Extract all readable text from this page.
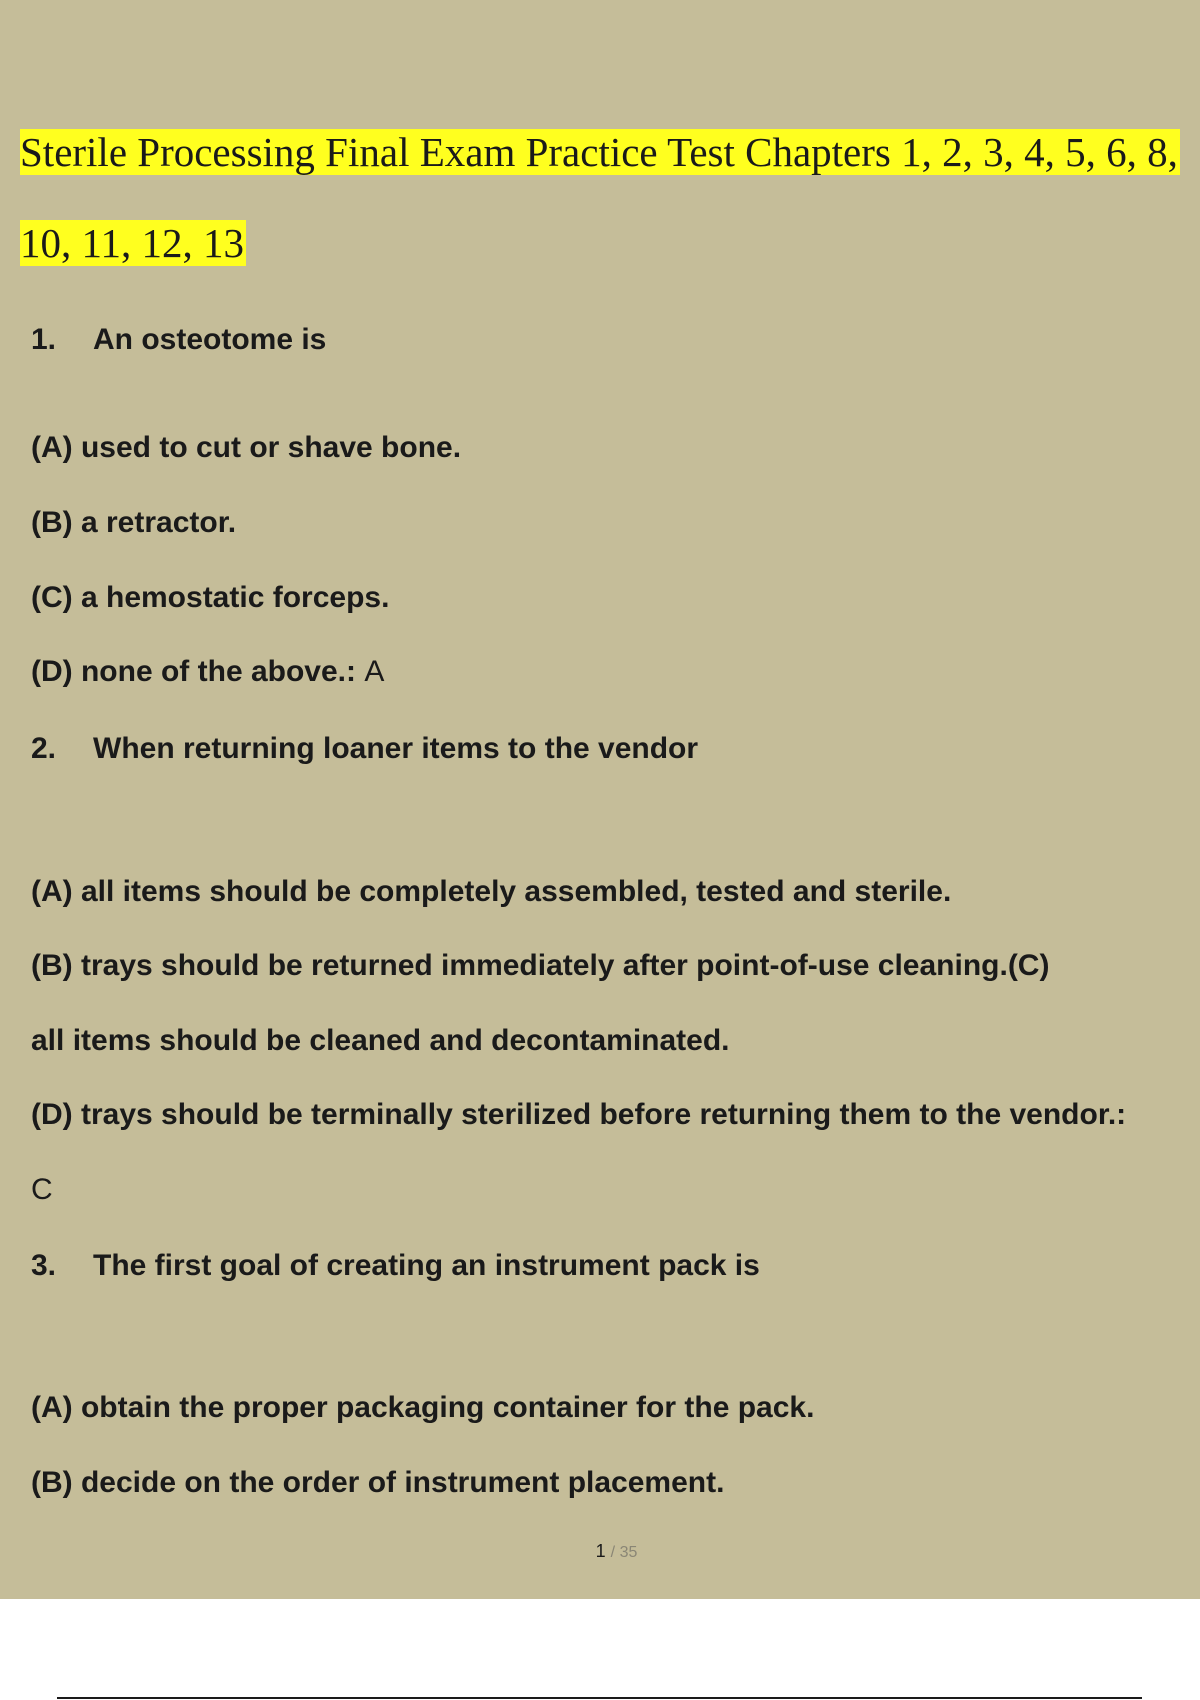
Sterile Processing Final Exam Practice Test Chapters 1, 2, 3, 4, 5, 6, 8,
10, 11, 12, 13
1. An osteotome is
(A) used to cut or shave bone.
(B) a retractor.
(C) a hemostatic forceps.
(D) none of the above.: A
2. When returning loaner items to the vendor
(A) all items should be completely assembled, tested and sterile.
(B) trays should be returned immediately after point-of-use cleaning.(C)
all items should be cleaned and decontaminated.
(D) trays should be terminally sterilized before returning them to the vendor.:
C
3. The first goal of creating an instrument pack is
(A) obtain the proper packaging container for the pack.
(B) decide on the order of instrument placement.
1 / 35
